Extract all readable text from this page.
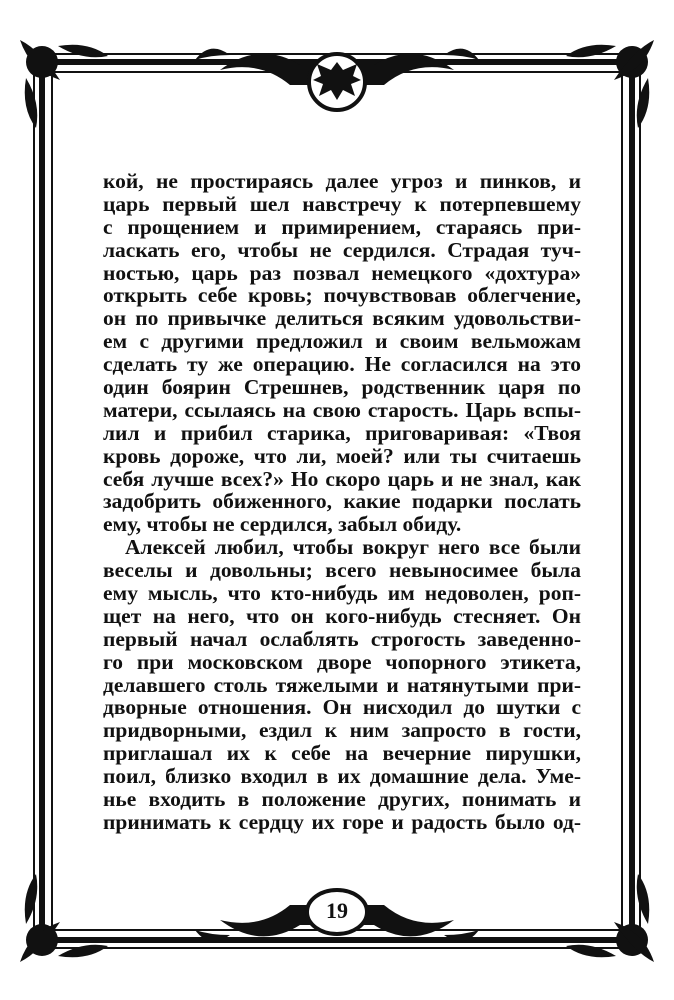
кой, не простираясь далее угроз и пинков, и
царь первый шел навстречу к потерпевшему
с прощением и примирением, стараясь при-
ласкать его, чтобы не сердился. Страдая туч-
ностью, царь раз позвал немецкого «дохтура»
открыть себе кровь; почувствовав облегчение,
он по привычке делиться всяким удовольстви-
ем с другими предложил и своим вельможам
сделать ту же операцию. Не согласился на это
один боярин Стрешнев, родственник царя по
матери, ссылаясь на свою старость. Царь вспы-
лил и прибил старика, приговаривая: «Твоя
кровь дороже, что ли, моей? или ты считаешь
себя лучше всех?» Но скоро царь и не знал, как
задобрить обиженного, какие подарки послать
ему, чтобы не сердился, забыл обиду.
Алексей любил, чтобы вокруг него все были
веселы и довольны; всего невыносимее была
ему мысль, что кто-нибудь им недоволен, роп-
щет на него, что он кого-нибудь стесняет. Он
первый начал ослаблять строгость заведенно-
го при московском дворе чопорного этикета,
делавшего столь тяжелыми и натянутыми при-
дворные отношения. Он нисходил до шутки с
придворными, ездил к ним запросто в гости,
приглашал их к себе на вечерние пирушки,
поил, близко входил в их домашние дела. Уме-
нье входить в положение других, понимать и
принимать к сердцу их горе и радость было од-
19
